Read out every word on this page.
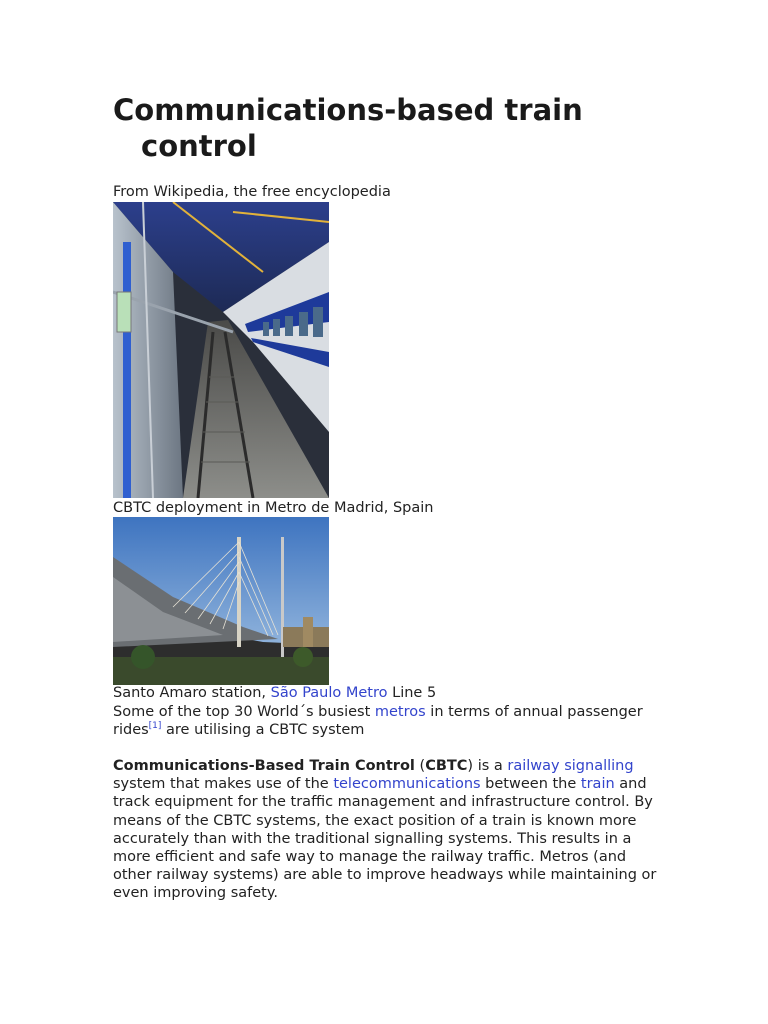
Communications-based train control
From Wikipedia, the free encyclopedia
CBTC deployment in Metro de Madrid, Spain
Santo Amaro station, São Paulo Metro Line 5
Some of the top 30 World´s busiest metros in terms of annual passenger rides[1] are utilising a CBTC system

Communications-Based Train Control (CBTC) is a railway signalling system that makes use of the telecommunications between the train and track equipment for the traffic management and infrastructure control. By means of the CBTC systems, the exact position of a train is known more accurately than with the traditional signalling systems. This results in a more efficient and safe way to manage the railway traffic. Metros (and other railway systems) are able to improve headways while maintaining or even improving safety.
